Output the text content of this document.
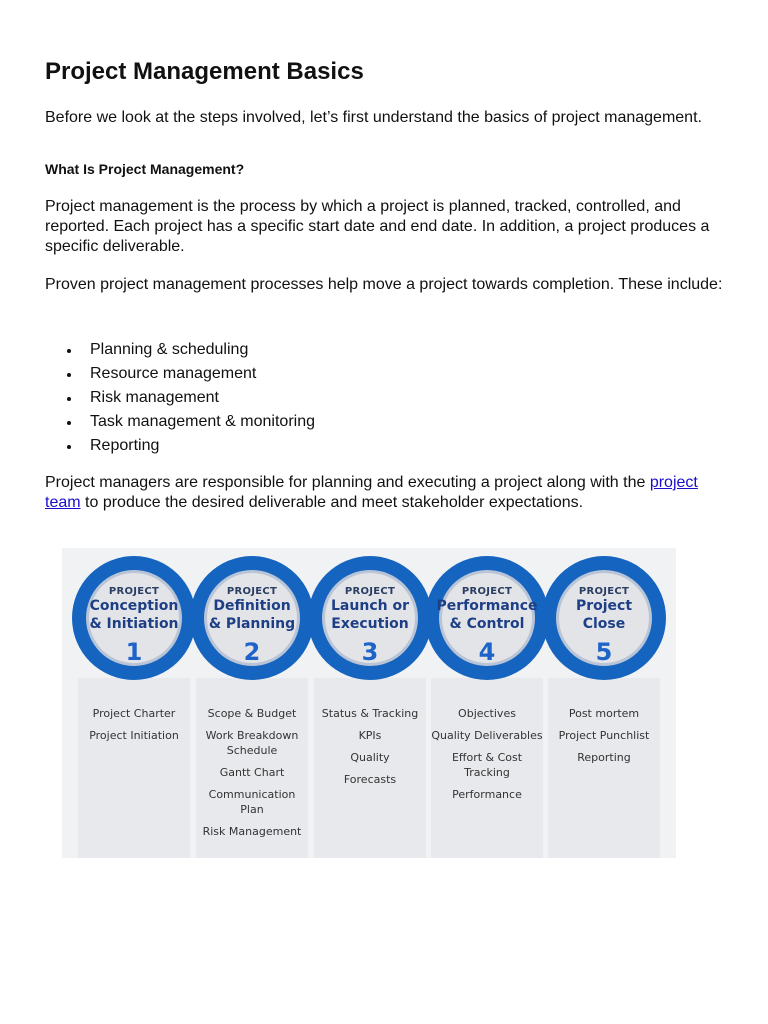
Project Management Basics

Before we look at the steps involved, let’s first understand the basics of project management.

What Is Project Management?

Project management is the process by which a project is planned, tracked, controlled, and reported. Each project has a specific start date and end date. In addition, a project produces a specific deliverable.

Proven project management processes help move a project towards completion. These include:

Planning & scheduling
Resource management
Risk management
Task management & monitoring
Reporting

Project managers are responsible for planning and executing a project along with the project team to produce the desired deliverable and meet stakeholder expectations.

PROJECT
Conception
& Initiation
1
Project Charter
Project Initiation
PROJECT
Definition
& Planning
2
Scope & Budget
Work Breakdown Schedule
Gantt Chart
Communication Plan
Risk Management
PROJECT
Launch or
Execution
3
Status & Tracking
KPIs
Quality
Forecasts
PROJECT
Performance
& Control
4
Objectives
Quality Deliverables
Effort & Cost Tracking
Performance
PROJECT
Project
Close
5
Post mortem
Project Punchlist
Reporting
